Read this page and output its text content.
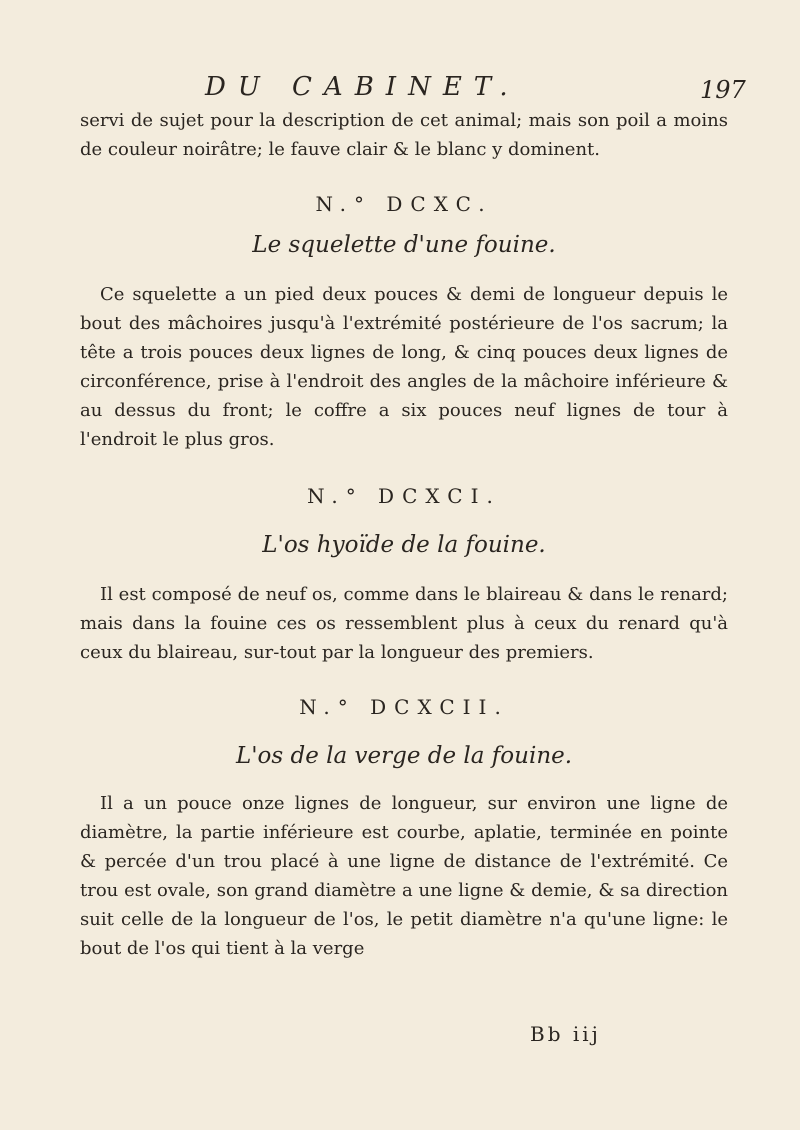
DU CABINET.	197

servi de sujet pour la description de cet animal; mais son poil a moins de couleur noirâtre; le fauve clair & le blanc y dominent.

N.° DCXC.
Le squelette d'une fouine.

Ce squelette a un pied deux pouces & demi de longueur depuis le bout des mâchoires jusqu'à l'extrémité postérieure de l'os sacrum; la tête a trois pouces deux lignes de long, & cinq pouces deux lignes de circonférence, prise à l'endroit des angles de la mâchoire inférieure & au dessus du front; le coffre a six pouces neuf lignes de tour à l'endroit le plus gros.

N.° DCXCI.
L'os hyoïde de la fouine.

Il est composé de neuf os, comme dans le blaireau & dans le renard; mais dans la fouine ces os ressemblent plus à ceux du renard qu'à ceux du blaireau, sur-tout par la longueur des premiers.

N.° DCXCII.
L'os de la verge de la fouine.

Il a un pouce onze lignes de longueur, sur environ une ligne de diamètre, la partie inférieure est courbe, aplatie, terminée en pointe & percée d'un trou placé à une ligne de distance de l'extrémité. Ce trou est ovale, son grand diamètre a une ligne & demie, & sa direction suit celle de la longueur de l'os, le petit diamètre n'a qu'une ligne: le bout de l'os qui tient à la verge

Bb iij
